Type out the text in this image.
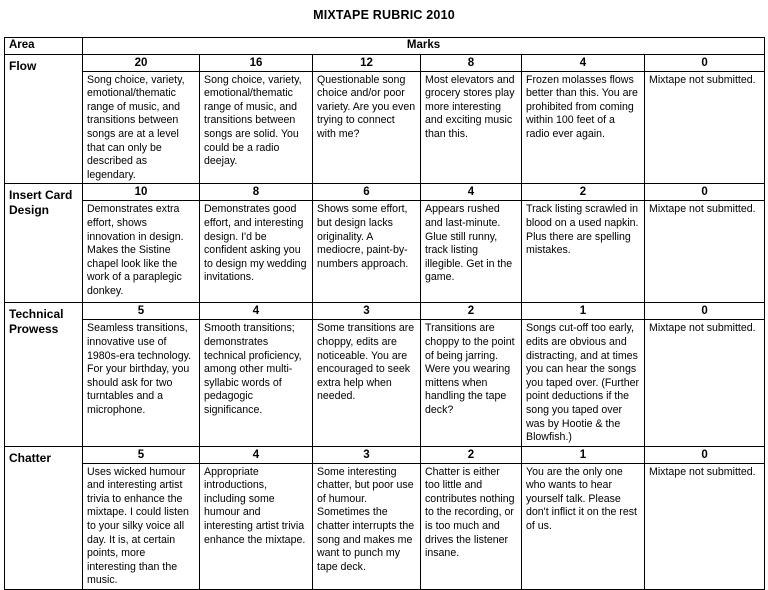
MIXTAPE RUBRIC 2010
Area	Marks					
Flow	20	16	12	8	4	0
	Song choice, variety, emotional/thematic range of music, and transitions between songs are at a level that can only be described as legendary.	Song choice, variety, emotional/thematic range of music, and transitions between songs are solid. You could be a radio deejay.	Questionable song choice and/or poor variety. Are you even trying to connect with me?	Most elevators and grocery stores play more interesting and exciting music than this.	Frozen molasses flows better than this. You are prohibited from coming within 100 feet of a radio ever again.	Mixtape not submitted.
Insert Card Design	10	8	6	4	2	0
	Demonstrates extra effort, shows innovation in design. Makes the Sistine chapel look like the work of a paraplegic donkey.	Demonstrates good effort, and interesting design. I'd be confident asking you to design my wedding invitations.	Shows some effort, but design lacks originality. A mediocre, paint-by-numbers approach.	Appears rushed and last-minute. Glue still runny, track listing illegible. Get in the game.	Track listing scrawled in blood on a used napkin. Plus there are spelling mistakes.	Mixtape not submitted.
Technical Prowess	5	4	3	2	1	0
	Seamless transitions, innovative use of 1980s-era technology. For your birthday, you should ask for two turntables and a microphone.	Smooth transitions; demonstrates technical proficiency, among other multi-syllabic words of pedagogic significance.	Some transitions are choppy, edits are noticeable. You are encouraged to seek extra help when needed.	Transitions are choppy to the point of being jarring. Were you wearing mittens when handling the tape deck?	Songs cut-off too early, edits are obvious and distracting, and at times you can hear the songs you taped over. (Further point deductions if the song you taped over was by Hootie & the Blowfish.)	Mixtape not submitted.
Chatter	5	4	3	2	1	0
	Uses wicked humour and interesting artist trivia to enhance the mixtape. I could listen to your silky voice all day. It is, at certain points, more interesting than the music.	Appropriate introductions, including some humour and interesting artist trivia enhance the mixtape.	Some interesting chatter, but poor use of humour. Sometimes the chatter interrupts the song and makes me want to punch my tape deck.	Chatter is either too little and contributes nothing to the recording, or is too much and drives the listener insane.	You are the only one who wants to hear yourself talk. Please don't inflict it on the rest of us.	Mixtape not submitted.
